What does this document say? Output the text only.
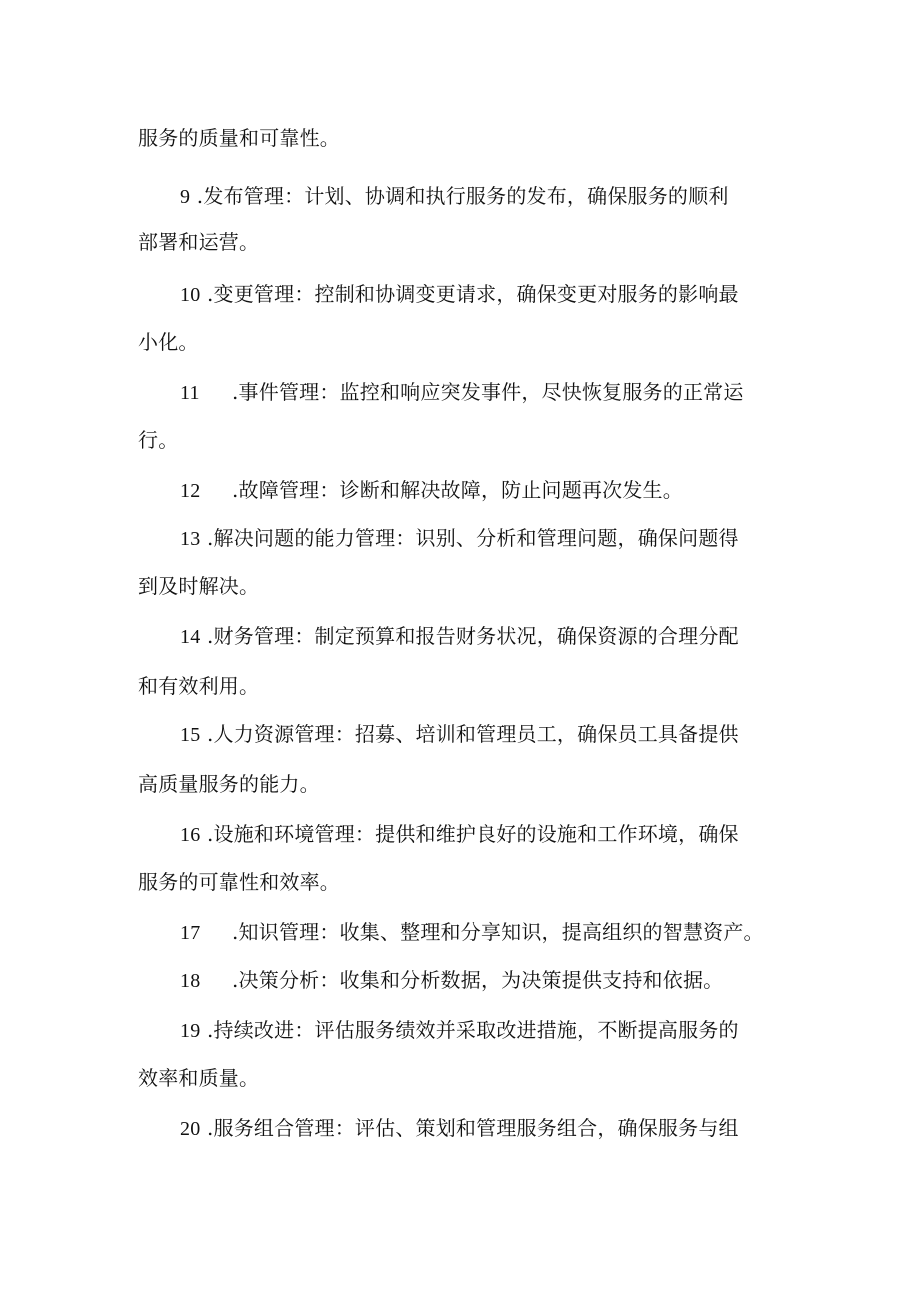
服务的质量和可靠性。
9 .发布管理：计划、协调和执行服务的发布，确保服务的顺利
部署和运营。
10 .变更管理：控制和协调变更请求，确保变更对服务的影响最
小化。
11 .事件管理：监控和响应突发事件，尽快恢复服务的正常运
行。
12 .故障管理：诊断和解决故障，防止问题再次发生。
13 .解决问题的能力管理：识别、分析和管理问题，确保问题得
到及时解决。
14 .财务管理：制定预算和报告财务状况，确保资源的合理分配
和有效利用。
15 .人力资源管理：招募、培训和管理员工，确保员工具备提供
高质量服务的能力。
16 .设施和环境管理：提供和维护良好的设施和工作环境，确保
服务的可靠性和效率。
17 .知识管理：收集、整理和分享知识，提高组织的智慧资产。
18 .决策分析：收集和分析数据，为决策提供支持和依据。
19 .持续改进：评估服务绩效并采取改进措施，不断提高服务的
效率和质量。
20 .服务组合管理：评估、策划和管理服务组合，确保服务与组
